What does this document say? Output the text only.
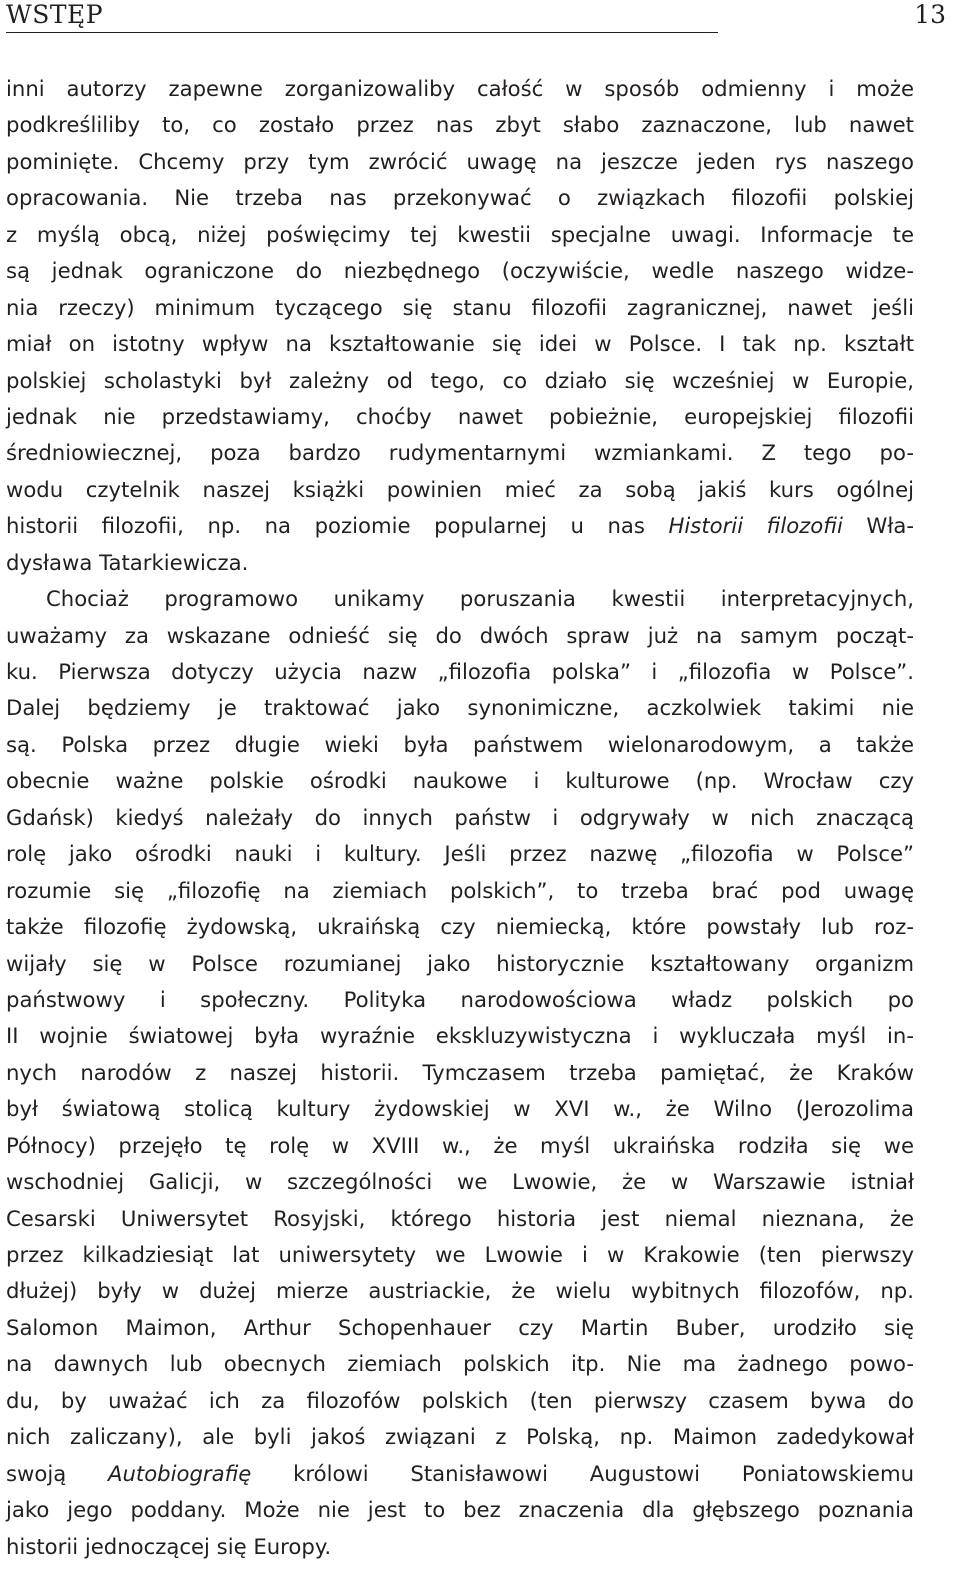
WSTĘP	13
inni autorzy zapewne zorganizowaliby całość w sposób odmienny i może
podkreśliliby to, co zostało przez nas zbyt słabo zaznaczone, lub nawet
pominięte. Chcemy przy tym zwrócić uwagę na jeszcze jeden rys naszego
opracowania. Nie trzeba nas przekonywać o związkach filozofii polskiej
z myślą obcą, niżej poświęcimy tej kwestii specjalne uwagi. Informacje te
są jednak ograniczone do niezbędnego (oczywiście, wedle naszego widze-
nia rzeczy) minimum tyczącego się stanu filozofii zagranicznej, nawet jeśli
miał on istotny wpływ na kształtowanie się idei w Polsce. I tak np. kształt
polskiej scholastyki był zależny od tego, co działo się wcześniej w Europie,
jednak nie przedstawiamy, choćby nawet pobieżnie, europejskiej filozofii
średniowiecznej, poza bardzo rudymentarnymi wzmiankami. Z tego po-
wodu czytelnik naszej książki powinien mieć za sobą jakiś kurs ogólnej
historii filozofii, np. na poziomie popularnej u nas Historii filozofii Wła-
dysława Tatarkiewicza.
Chociaż programowo unikamy poruszania kwestii interpretacyjnych,
uważamy za wskazane odnieść się do dwóch spraw już na samym począt-
ku. Pierwsza dotyczy użycia nazw „filozofia polska” i „filozofia w Polsce”.
Dalej będziemy je traktować jako synonimiczne, aczkolwiek takimi nie
są. Polska przez długie wieki była państwem wielonarodowym, a także
obecnie ważne polskie ośrodki naukowe i kulturowe (np. Wrocław czy
Gdańsk) kiedyś należały do innych państw i odgrywały w nich znaczącą
rolę jako ośrodki nauki i kultury. Jeśli przez nazwę „filozofia w Polsce”
rozumie się „filozofię na ziemiach polskich”, to trzeba brać pod uwagę
także filozofię żydowską, ukraińską czy niemiecką, które powstały lub roz-
wijały się w Polsce rozumianej jako historycznie kształtowany organizm
państwowy i społeczny. Polityka narodowościowa władz polskich po
II wojnie światowej była wyraźnie ekskluzywistyczna i wykluczała myśl in-
nych narodów z naszej historii. Tymczasem trzeba pamiętać, że Kraków
był światową stolicą kultury żydowskiej w XVI w., że Wilno (Jerozolima
Północy) przejęło tę rolę w XVIII w., że myśl ukraińska rodziła się we
wschodniej Galicji, w szczególności we Lwowie, że w Warszawie istniał
Cesarski Uniwersytet Rosyjski, którego historia jest niemal nieznana, że
przez kilkadziesiąt lat uniwersytety we Lwowie i w Krakowie (ten pierwszy
dłużej) były w dużej mierze austriackie, że wielu wybitnych filozofów, np.
Salomon Maimon, Arthur Schopenhauer czy Martin Buber, urodziło się
na dawnych lub obecnych ziemiach polskich itp. Nie ma żadnego powo-
du, by uważać ich za filozofów polskich (ten pierwszy czasem bywa do
nich zaliczany), ale byli jakoś związani z Polską, np. Maimon zadedykował
swoją Autobiografię królowi Stanisławowi Augustowi Poniatowskiemu
jako jego poddany. Może nie jest to bez znaczenia dla głębszego poznania
historii jednoczącej się Europy.
